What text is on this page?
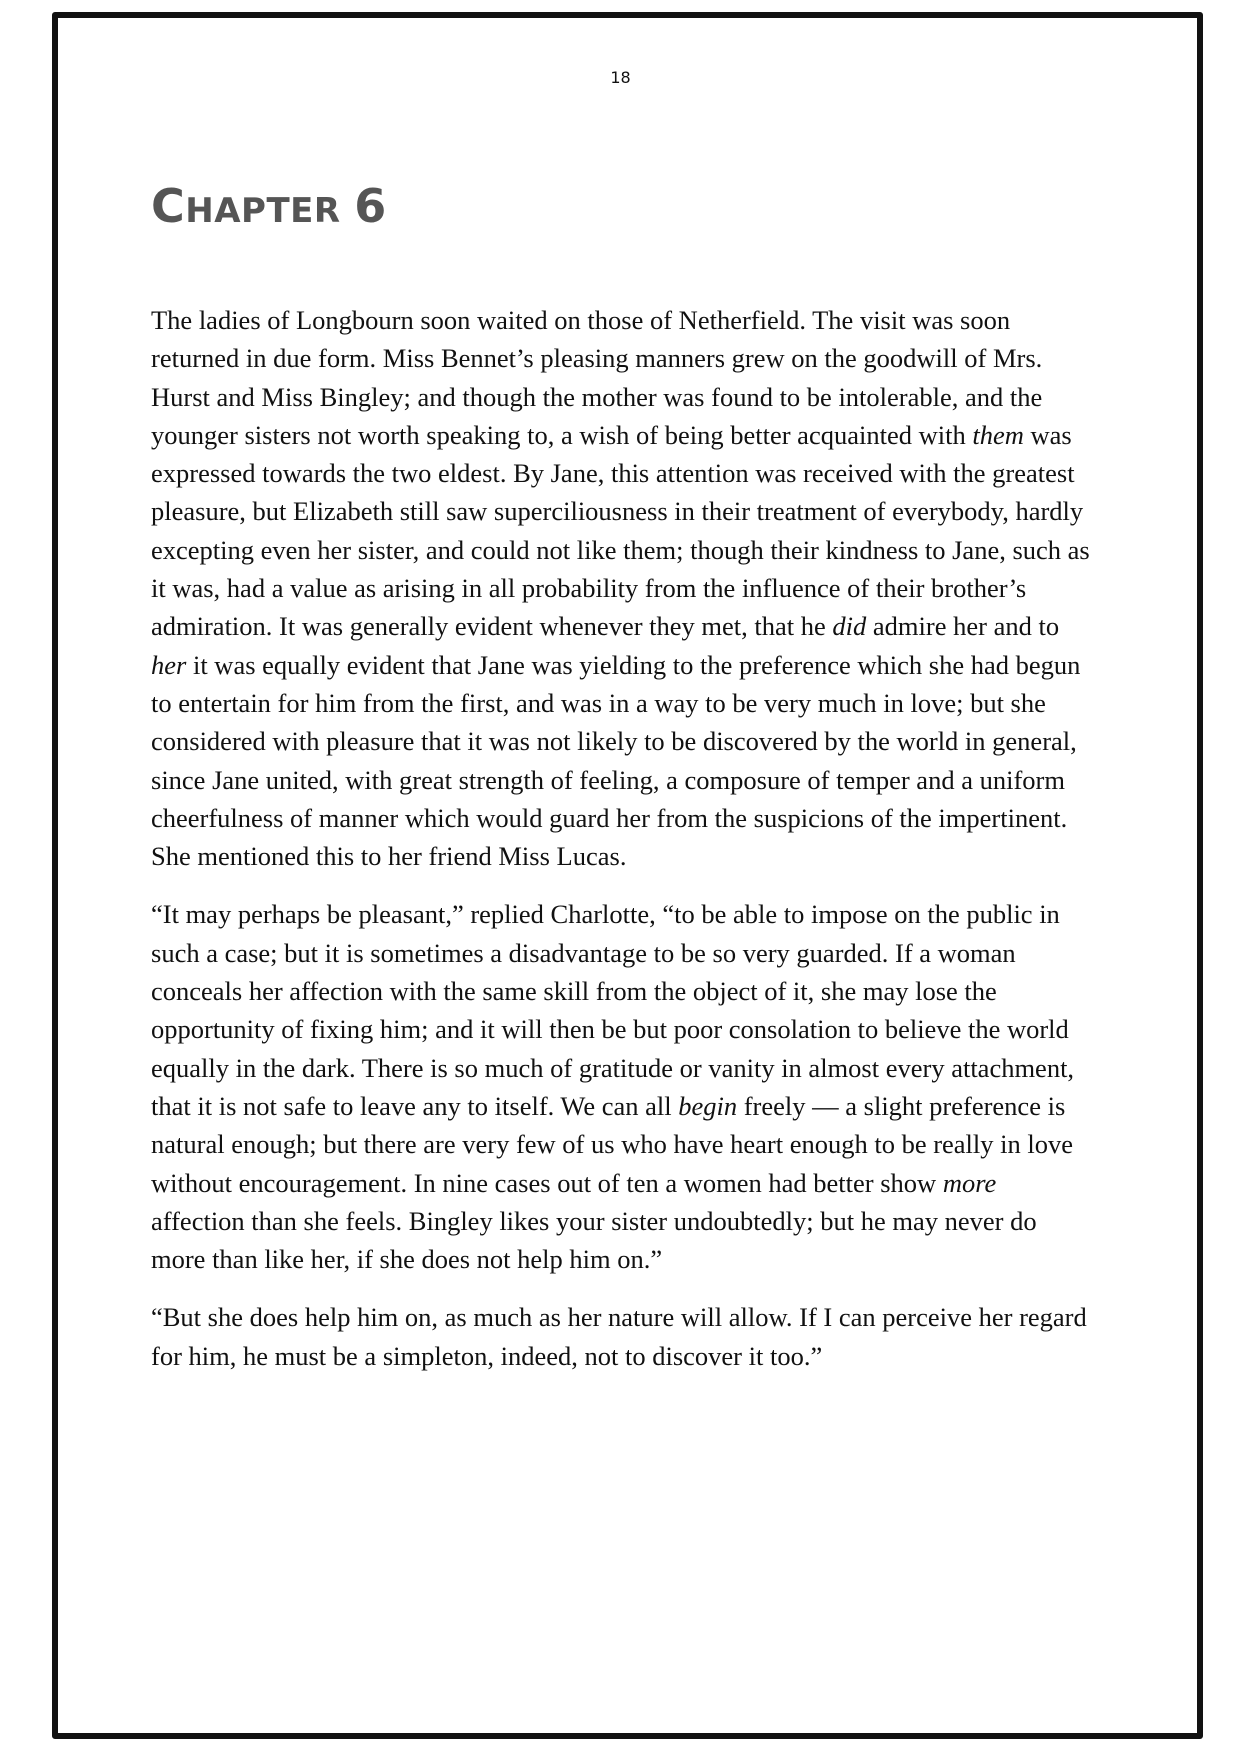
18
CHAPTER 6

The ladies of Longbourn soon waited on those of Netherfield. The visit was soon returned in due form. Miss Bennet’s pleasing manners grew on the goodwill of Mrs. Hurst and Miss Bingley; and though the mother was found to be intolerable, and the younger sisters not worth speaking to, a wish of being better acquainted with them was expressed towards the two eldest. By Jane, this attention was received with the greatest pleasure, but Elizabeth still saw superciliousness in their treatment of everybody, hardly excepting even her sister, and could not like them; though their kindness to Jane, such as it was, had a value as arising in all probability from the influence of their brother’s admiration. It was generally evident whenever they met, that he did admire her and to her it was equally evident that Jane was yielding to the preference which she had begun to entertain for him from the first, and was in a way to be very much in love; but she considered with pleasure that it was not likely to be discovered by the world in general, since Jane united, with great strength of feeling, a composure of temper and a uniform cheerfulness of manner which would guard her from the suspicions of the impertinent. She mentioned this to her friend Miss Lucas.

“It may perhaps be pleasant,” replied Charlotte, “to be able to impose on the public in such a case; but it is sometimes a disadvantage to be so very guarded. If a woman conceals her affection with the same skill from the object of it, she may lose the opportunity of fixing him; and it will then be but poor consolation to believe the world equally in the dark. There is so much of gratitude or vanity in almost every attachment, that it is not safe to leave any to itself. We can all begin freely — a slight preference is natural enough; but there are very few of us who have heart enough to be really in love without encouragement. In nine cases out of ten a women had better show more affection than she feels. Bingley likes your sister undoubtedly; but he may never do more than like her, if she does not help him on.”

“But she does help him on, as much as her nature will allow. If I can perceive her regard for him, he must be a simpleton, indeed, not to discover it too.”
